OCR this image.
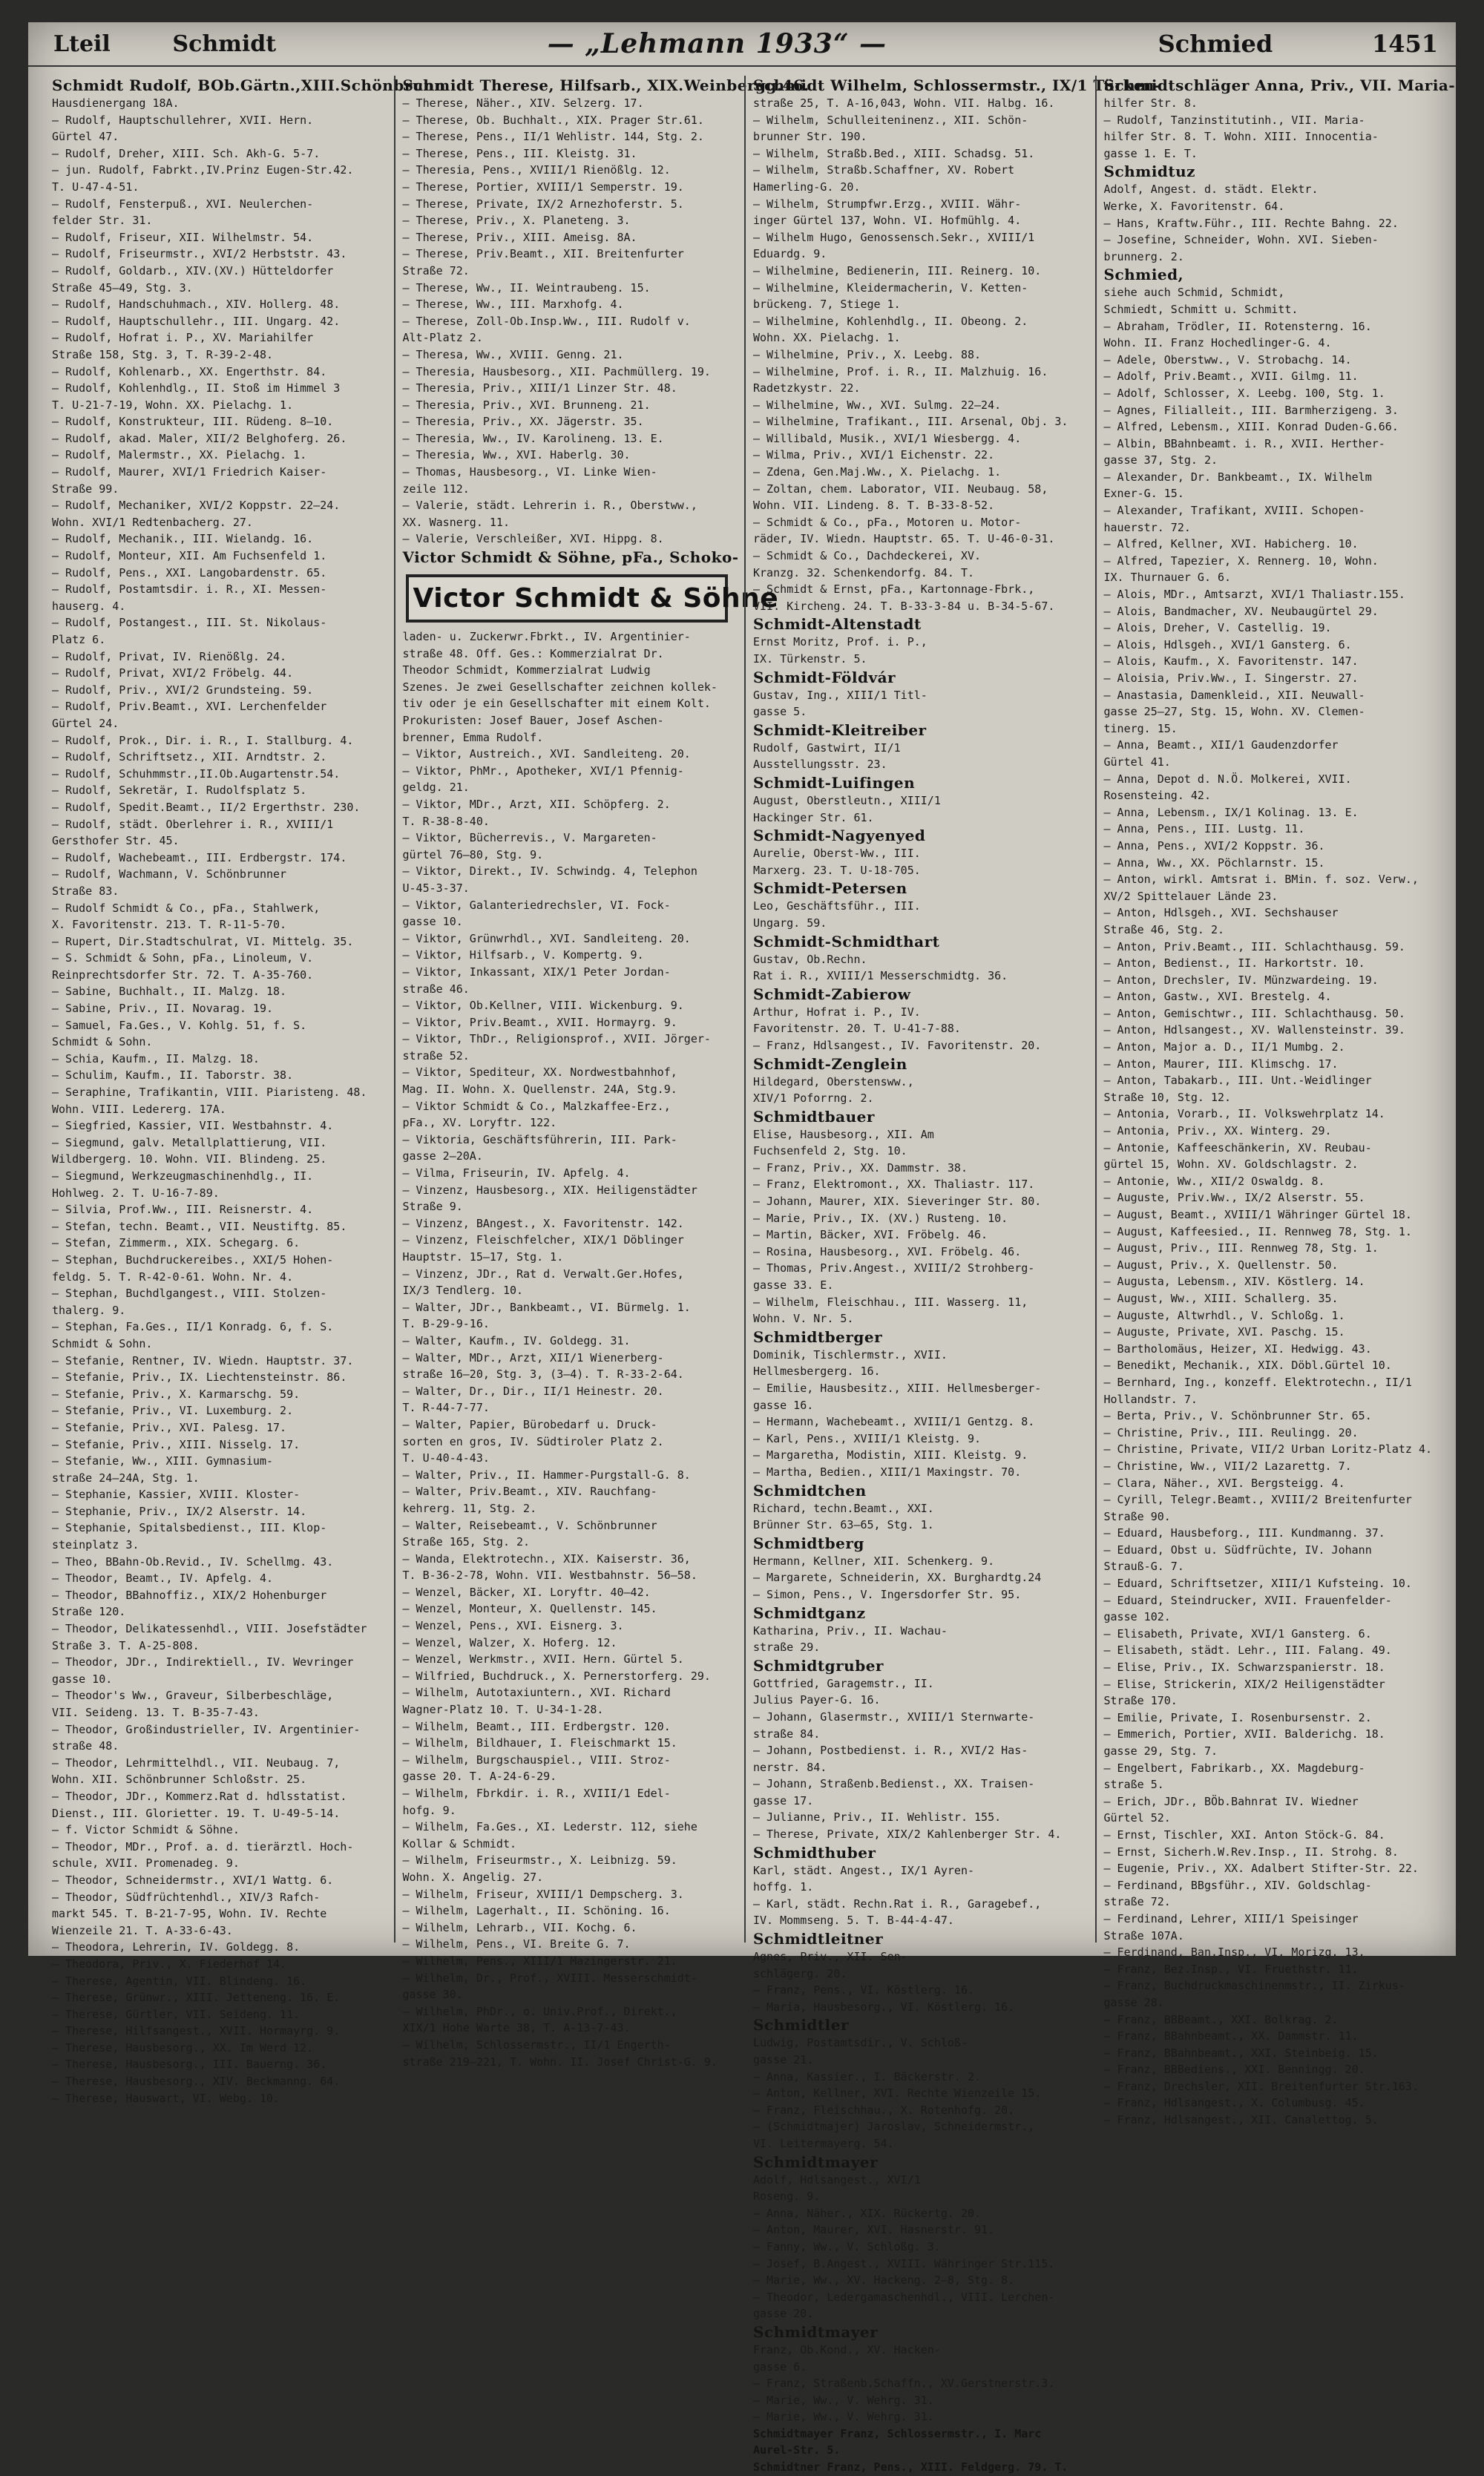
Lteil	Schmidt	— „Lehmann 1933“ —	Schmied	1451
Schmidt Rudolf, BOb.Gärtn.,XIII.Schönbrunn
Hausdienergang 18A.
— Rudolf, Hauptschullehrer, XVII. Hern.
Gürtel 47.
— Rudolf, Dreher, XIII. Sch. Akh-G. 5-7.
— jun. Rudolf, Fabrkt.,IV.Prinz Eugen-Str.42.
T. U-47-4-51.
— Rudolf, Fensterpuß., XVI. Neulerchen-
felder Str. 31.
— Rudolf, Friseur, XII. Wilhelmstr. 54.
— Rudolf, Friseurmstr., XVI/2 Herbststr. 43.
— Rudolf, Goldarb., XIV.(XV.) Hütteldorfer
Straße 45–49, Stg. 3.
— Rudolf, Handschuhmach., XIV. Hollerg. 48.
— Rudolf, Hauptschullehr., III. Ungarg. 42.
— Rudolf, Hofrat i. P., XV. Mariahilfer
Straße 158, Stg. 3, T. R-39-2-48.
— Rudolf, Kohlenarb., XX. Engerthstr. 84.
— Rudolf, Kohlenhdlg., II. Stoß im Himmel 3
T. U-21-7-19, Wohn. XX. Pielachg. 1.
— Rudolf, Konstrukteur, III. Rüdeng. 8–10.
— Rudolf, akad. Maler, XII/2 Belghoferg. 26.
— Rudolf, Malermstr., XX. Pielachg. 1.
— Rudolf, Maurer, XVI/1 Friedrich Kaiser-
Straße 99.
— Rudolf, Mechaniker, XVI/2 Koppstr. 22–24.
Wohn. XVI/1 Redtenbacherg. 27.
— Rudolf, Mechanik., III. Wielandg. 16.
— Rudolf, Monteur, XII. Am Fuchsenfeld 1.
— Rudolf, Pens., XXI. Langobardenstr. 65.
— Rudolf, Postamtsdir. i. R., XI. Messen-
hauserg. 4.
— Rudolf, Postangest., III. St. Nikolaus-
Platz 6.
— Rudolf, Privat, IV. Rienößlg. 24.
— Rudolf, Privat, XVI/2 Fröbelg. 44.
— Rudolf, Priv., XVI/2 Grundsteing. 59.
— Rudolf, Priv.Beamt., XVI. Lerchenfelder
Gürtel 24.
— Rudolf, Prok., Dir. i. R., I. Stallburg. 4.
— Rudolf, Schriftsetz., XII. Arndtstr. 2.
— Rudolf, Schuhmmstr.,II.Ob.Augartenstr.54.
— Rudolf, Sekretär, I. Rudolfsplatz 5.
— Rudolf, Spedit.Beamt., II/2 Ergerthstr. 230.
— Rudolf, städt. Oberlehrer i. R., XVIII/1
Gersthofer Str. 45.
— Rudolf, Wachebeamt., III. Erdbergstr. 174.
— Rudolf, Wachmann, V. Schönbrunner
Straße 83.
— Rudolf Schmidt & Co., pFa., Stahlwerk,
X. Favoritenstr. 213. T. R-11-5-70.
— Rupert, Dir.Stadtschulrat, VI. Mittelg. 35.
— S. Schmidt & Sohn, pFa., Linoleum, V.
Reinprechtsdorfer Str. 72. T. A-35-760.
— Sabine, Buchhalt., II. Malzg. 18.
— Sabine, Priv., II. Novarag. 19.
— Samuel, Fa.Ges., V. Kohlg. 51, f. S.
Schmidt & Sohn.
— Schia, Kaufm., II. Malzg. 18.
— Schulim, Kaufm., II. Taborstr. 38.
— Seraphine, Trafikantin, VIII. Piaristeng. 48.
Wohn. VIII. Ledererg. 17A.
— Siegfried, Kassier, VII. Westbahnstr. 4.
— Siegmund, galv. Metallplattierung, VII.
Wildbergerg. 10. Wohn. VII. Blindeng. 25.
— Siegmund, Werkzeugmaschinenhdlg., II.
Hohlweg. 2. T. U-16-7-89.
— Silvia, Prof.Ww., III. Reisnerstr. 4.
— Stefan, techn. Beamt., VII. Neustiftg. 85.
— Stefan, Zimmerm., XIX. Schegarg. 6.
— Stephan, Buchdruckereibes., XXI/5 Hohen-
feldg. 5. T. R-42-0-61. Wohn. Nr. 4.
— Stephan, Buchdlgangest., VIII. Stolzen-
thalerg. 9.
— Stephan, Fa.Ges., II/1 Konradg. 6, f. S.
Schmidt & Sohn.
— Stefanie, Rentner, IV. Wiedn. Hauptstr. 37.
— Stefanie, Priv., IX. Liechtensteinstr. 86.
— Stefanie, Priv., X. Karmarschg. 59.
— Stefanie, Priv., VI. Luxemburg. 2.
— Stefanie, Priv., XVI. Palesg. 17.
— Stefanie, Priv., XIII. Nisselg. 17.
— Stefanie, Ww., XIII. Gymnasium-
straße 24–24A, Stg. 1.
— Stephanie, Kassier, XVIII. Kloster-
— Stephanie, Priv., IX/2 Alserstr. 14.
— Stephanie, Spitalsbedienst., III. Klop-
steinplatz 3.
— Theo, BBahn-Ob.Revid., IV. Schellmg. 43.
— Theodor, Beamt., IV. Apfelg. 4.
— Theodor, BBahnoffiz., XIX/2 Hohenburger
Straße 120.
— Theodor, Delikatessenhdl., VIII. Josefstädter
Straße 3. T. A-25-808.
— Theodor, JDr., Indirektiell., IV. Wevringer
gasse 10.
— Theodor's Ww., Graveur, Silberbeschläge,
VII. Seideng. 13. T. B-35-7-43.
— Theodor, Großindustrieller, IV. Argentinier-
straße 48.
— Theodor, Lehrmittelhdl., VII. Neubaug. 7,
Wohn. XII. Schönbrunner Schloßstr. 25.
— Theodor, JDr., Kommerz.Rat d. hdlsstatist.
Dienst., III. Gloriettег. 19. T. U-49-5-14.
— f. Victor Schmidt & Söhne.
— Theodor, MDr., Prof. a. d. tierärztl. Hoch-
schule, XVII. Promenadeg. 9.
— Theodor, Schneidermstr., XVI/1 Wattg. 6.
— Theodor, Südfrüchtenhdl., XIV/3 Rafch-
markt 545. T. B-21-7-95, Wohn. IV. Rechte
Wienzeile 21. T. A-33-6-43.
— Theodora, Lehrerin, IV. Goldegg. 8.
— Theodora, Priv., X. Fiederhof 14.
— Therese, Agentin, VII. Blindeng. 16.
— Therese, Grünwr., XIII. Jetteneng. 16. E.
— Therese, Gürtler, VII. Seideng. 11.
— Therese, Hilfsangest., XVII. Hormayrg. 9.
— Therese, Hausbesorg., XX. Im Werd 12.
— Therese, Hausbesorg., III. Bauerng. 36.
— Therese, Hausbesorg., XIV. Beckmanng. 64.
— Therese, Hauswart, VI. Webg. 10.
Schmidt Therese, Hilfsarb., XIX.Weinbergg.46.
— Therese, Näher., XIV. Selzerg. 17.
— Therese, Ob. Buchhalt., XIX. Prager Str.61.
— Therese, Pens., II/1 Wehlistr. 144, Stg. 2.
— Therese, Pens., III. Kleistg. 31.
— Theresia, Pens., XVIII/1 Rienößlg. 12.
— Therese, Portier, XVIII/1 Semperstr. 19.
— Therese, Private, IX/2 Arnezhoferstr. 5.
— Therese, Priv., X. Planeteng. 3.
— Therese, Priv., XIII. Ameisg. 8A.
— Therese, Priv.Beamt., XII. Breitenfurter
Straße 72.
— Therese, Ww., II. Weintraubeng. 15.
— Therese, Ww., III. Marxhofg. 4.
— Therese, Zoll-Ob.Insp.Ww., III. Rudolf v.
Alt-Platz 2.
— Theresa, Ww., XVIII. Genng. 21.
— Theresia, Hausbesorg., XII. Pachmüllerg. 19.
— Theresia, Priv., XIII/1 Linzer Str. 48.
— Theresia, Priv., XVI. Brunneng. 21.
— Theresia, Priv., XX. Jägerstr. 35.
— Theresia, Ww., IV. Karolineng. 13. E.
— Theresia, Ww., XVI. Haberlg. 30.
— Thomas, Hausbesorg., VI. Linke Wien-
zeile 112.
— Valerie, städt. Lehrerin i. R., Oberstww.,
XX. Wasnerg. 11.
— Valerie, Verschleißer, XVI. Hippg. 8.
Victor Schmidt & Söhne, pFa., Schoko-
Victor Schmidt & Söhne
laden- u. Zuckerwr.Fbrkt., IV. Argentinier-
straße 48. Off. Ges.: Kommerzialrat Dr.
Theodor Schmidt, Kommerzialrat Ludwig
Szenes. Je zwei Gesellschafter zeichnen kollek-
tiv oder je ein Gesellschafter mit einem Kolt.
Prokuristen: Josef Bauer, Josef Aschen-
brenner, Emma Rudolf.
— Viktor, Austreich., XVI. Sandleiteng. 20.
— Viktor, PhMr., Apotheker, XVI/1 Pfennig-
geldg. 21.
— Viktor, MDr., Arzt, XII. Schöpferg. 2.
T. R-38-8-40.
— Viktor, Bücherrevis., V. Margareten-
gürtel 76–80, Stg. 9.
— Viktor, Direkt., IV. Schwindg. 4, Telephon
U-45-3-37.
— Viktor, Galanteriedrechsler, VI. Fock-
gasse 10.
— Viktor, Grünwrhdl., XVI. Sandleiteng. 20.
— Viktor, Hilfsarb., V. Kompertg. 9.
— Viktor, Inkassant, XIX/1 Peter Jordan-
straße 46.
— Viktor, Ob.Kellner, VIII. Wickenburg. 9.
— Viktor, Priv.Beamt., XVII. Hormayrg. 9.
— Viktor, ThDr., Religionsprof., XVII. Jörger-
straße 52.
— Viktor, Spediteur, XX. Nordwestbahnhof,
Mag. II. Wohn. X. Quellenstr. 24A, Stg.9.
— Viktor Schmidt & Co., Malzkaffee-Erz.,
pFa., XV. Loryftr. 122.
— Viktoria, Geschäftsführerin, III. Park-
gasse 2–20A.
— Vilma, Friseurin, IV. Apfelg. 4.
— Vinzenz, Hausbesorg., XIX. Heiligenstädter
Straße 9.
— Vinzenz, BAngest., X. Favoritenstr. 142.
— Vinzenz, Fleischfelcher, XIX/1 Döblinger
Hauptstr. 15–17, Stg. 1.
— Vinzenz, JDr., Rat d. Verwalt.Ger.Hofes,
IX/3 Tendlerg. 10.
— Walter, JDr., Bankbeamt., VI. Bürmelg. 1.
T. B-29-9-16.
— Walter, Kaufm., IV. Goldegg. 31.
— Walter, MDr., Arzt, XII/1 Wienerberg-
straße 16–20, Stg. 3, (3–4). T. R-33-2-64.
— Walter, Dr., Dir., II/1 Heinestr. 20.
T. R-44-7-77.
— Walter, Papier, Bürobedarf u. Druck-
sorten en gros, IV. Südtiroler Platz 2.
T. U-40-4-43.
— Walter, Priv., II. Hammer-Purgstall-G. 8.
— Walter, Priv.Beamt., XIV. Rauchfang-
kehrerg. 11, Stg. 2.
— Walter, Reisebeamt., V. Schönbrunner
Straße 165, Stg. 2.
— Wanda, Elektrotechn., XIX. Kaiserstr. 36,
T. B-36-2-78, Wohn. VII. Westbahnstr. 56–58.
— Wenzel, Bäcker, XI. Loryftr. 40–42.
— Wenzel, Monteur, X. Quellenstr. 145.
— Wenzel, Pens., XVI. Eisnerg. 3.
— Wenzel, Walzer, X. Hoferg. 12.
— Wenzel, Werkmstr., XVII. Hern. Gürtel 5.
— Wilfried, Buchdruck., X. Pernerstorferg. 29.
— Wilhelm, Autotaxiuntern., XVI. Richard
Wagner-Platz 10. T. U-34-1-28.
— Wilhelm, Beamt., III. Erdbergstr. 120.
— Wilhelm, Bildhauer, I. Fleischmarkt 15.
— Wilhelm, Burgschauspiel., VIII. Stroz-
gasse 20. T. A-24-6-29.
— Wilhelm, Fbrkdir. i. R., XVIII/1 Edel-
hofg. 9.
— Wilhelm, Fa.Ges., XI. Lederstr. 112, siehe
Kollar & Schmidt.
— Wilhelm, Friseurmstr., X. Leibnizg. 59.
Wohn. X. Angelig. 27.
— Wilhelm, Friseur, XVIII/1 Dempscherg. 3.
— Wilhelm, Lagerhalt., II. Schöning. 16.
— Wilhelm, Lehrarb., VII. Kochg. 6.
— Wilhelm, Pens., VI. Breite G. 7.
— Wilhelm, Pens., XIII/1 Mazingerstr. 21.
— Wilhelm, Dr., Prof., XVIII. Messerschmidt-
gasse 30.
— Wilhelm, PhDr., o. Univ.Prof., Direkt.,
XIX/1 Hohe Warte 38, T. A-13-7-43.
— Wilhelm, Schlossermstr., II/1 Engerth-
straße 219–221, T. Wohn. II. Josef Christ-G. 9.
Schmidt Wilhelm, Schlossermstr., IX/1 Türken-
straße 25, T. A-16,043, Wohn. VII. Halbg. 16.
— Wilhelm, Schulleiteninenz., XII. Schön-
brunner Str. 190.
— Wilhelm, Straßb.Bed., XIII. Schadsg. 51.
— Wilhelm, Straßb.Schaffner, XV. Robert
Hamerling-G. 20.
— Wilhelm, Strumpfwr.Erzg., XVIII. Währ-
inger Gürtel 137, Wohn. VI. Hofmühlg. 4.
— Wilhelm Hugo, Genossensch.Sekr., XVIII/1
Eduardg. 9.
— Wilhelmine, Bedienerin, III. Reinerg. 10.
— Wilhelmine, Kleidermacherin, V. Ketten-
brückeng. 7, Stiege 1.
— Wilhelmine, Kohlenhdlg., II. Obeong. 2.
Wohn. XX. Pielachg. 1.
— Wilhelmine, Priv., X. Leebg. 88.
— Wilhelmine, Prof. i. R., II. Malzhuig. 16.
Radetzkystr. 22.
— Wilhelmine, Ww., XVI. Sulmg. 22–24.
— Wilhelmine, Trafikant., III. Arsenal, Obj. 3.
— Willibald, Musik., XVI/1 Wiesbergg. 4.
— Wilma, Priv., XVI/1 Eichenstr. 22.
— Zdena, Gen.Maj.Ww., X. Pielachg. 1.
— Zoltan, chem. Laborator, VII. Neubaug. 58,
Wohn. VII. Lindeng. 8. T. B-33-8-52.
— Schmidt & Co., pFa., Motoren u. Motor-
räder, IV. Wiedn. Hauptstr. 65. T. U-46-0-31.
— Schmidt & Co., Dachdeckerei, XV.
Kranzg. 32. Schenkendorfg. 84. T.
— Schmidt & Ernst, pFa., Kartonnage-Fbrk.,
VII. Kircheng. 24. T. B-33-3-84 u. B-34-5-67.
Schmidt-Altenstadt
Ernst Moritz, Prof. i. P.,
IX. Türkenstr. 5.
Schmidt-Földvár
Gustav, Ing., XIII/1 Titl-
gasse 5.
Schmidt-Kleitreiber
Rudolf, Gastwirt, II/1
Ausstellungsstr. 23.
Schmidt-Luifingen
August, Oberstleutn., XIII/1
Hackinger Str. 61.
Schmidt-Nagyenyed
Aurelie, Oberst-Ww., III.
Marxerg. 23. T. U-18-705.
Schmidt-Petersen
Leo, Geschäftsführ., III.
Ungarg. 59.
Schmidt-Schmidthart
Gustav, Ob.Rechn.
Rat i. R., XVIII/1 Messerschmidtg. 36.
Schmidt-Zabierow
Arthur, Hofrat i. P., IV.
Favoritenstr. 20. T. U-41-7-88.
— Franz, Hdlsangest., IV. Favoritenstr. 20.
Schmidt-Zenglein
Hildegard, Oberstensww.,
XIV/1 Poforrng. 2.
Schmidtbauer
Elise, Hausbesorg., XII. Am
Fuchsenfeld 2, Stg. 10.
— Franz, Priv., XX. Dammstr. 38.
— Franz, Elektromont., XX. Thaliastr. 117.
— Johann, Maurer, XIX. Sieveringer Str. 80.
— Marie, Priv., IX. (XV.) Rusteng. 10.
— Martin, Bäcker, XVI. Fröbelg. 46.
— Rosina, Hausbesorg., XVI. Fröbelg. 46.
— Thomas, Priv.Angest., XVIII/2 Strohberg-
gasse 33. E.
— Wilhelm, Fleischhau., III. Wasserg. 11,
Wohn. V. Nr. 5.
Schmidtberger
Dominik, Tischlermstr., XVII.
Hellmesbergerg. 16.
— Emilie, Hausbesitz., XIII. Hellmesberger-
gasse 16.
— Hermann, Wachebeamt., XVIII/1 Gentzg. 8.
— Karl, Pens., XVIII/1 Kleistg. 9.
— Margaretha, Modistin, XIII. Kleistg. 9.
— Martha, Bedien., XIII/1 Maxingstr. 70.
Schmidtchen
Richard, techn.Beamt., XXI.
Brünner Str. 63–65, Stg. 1.
Schmidtberg
Hermann, Kellner, XII. Schenkerg. 9.
— Margarete, Schneiderin, XX. Burghardtg.24
— Simon, Pens., V. Ingersdorfer Str. 95.
Schmidtganz
Katharina, Priv., II. Wachau-
straße 29.
Schmidtgruber
Gottfried, Garagemstr., II.
Julius Payer-G. 16.
— Johann, Glasermstr., XVIII/1 Sternwarte-
straße 84.
— Johann, Postbedienst. i. R., XVI/2 Has-
nerstr. 84.
— Johann, Straßenb.Bedienst., XX. Traisen-
gasse 17.
— Julianne, Priv., II. Wehlistr. 155.
— Therese, Private, XIX/2 Kahlenberger Str. 4.
Schmidthuber
Karl, städt. Angest., IX/1 Ayren-
hoffg. 1.
— Karl, städt. Rechn.Rat i. R., Garagebef.,
IV. Mommseng. 5. T. B-44-4-47.
Schmidtleitner
Agnes, Priv., XII. Sen-
schlägerg. 20.
— Franz, Pens., VI. Köstlerg. 16.
— Maria, Hausbesorg., VI. Köstlerg. 16.
Schmidtler
Ludwig, Postamtsdir., V. Schloß-
gasse 21.
— Anna, Kassier., I. Bäckerstr. 2.
— Anton, Kellner, XVI. Rechte Wienzeile 15.
— Franz, Fleischhau., X. Rotenhofg. 20.
— (Schmidtmajer) Jaroslav, Schneidermstr.,
VI. Leitermayerg. 54.
Schmidtmayer
Adolf, Hdlsangest., XVI/1
Roseng. 9.
— Anna, Näher., XIX. Rückertg. 20.
— Anton, Maurer, XVI. Hasnerstr. 91.
— Fanny, Ww., V. Schloßg. 3.
— Josef, B.Angest., XVIII. Währinger Str.115.
— Marie, Ww., XV. Hackeng. 2–8, Stg. 8.
— Theodor, Ledergamaschenhdl., VIII. Lerchen-
gasse 20.
Schmidtmayer
Franz, Ob.Kond., XV. Hacken-
gasse 6.
— Franz, Straßenb.Schaffn., XV.Gerstnerstr.3.
— Marie, Ww., V. Wehrg. 31.
— Marie, Ww., V. Wehrg. 31.
Schmidtmayer Franz, Schlossermstr., I. Marc
Aurel-Str. 5.
Schmidtner Franz, Pens., XIII. Feldgerg. 79. T.
Schmidtschläger Anna, Priv., VII. Maria-
hilfer Str. 8.
— Rudolf, Tanzinstitutinh., VII. Maria-
hilfer Str. 8. T. Wohn. XIII. Innocentia-
gasse 1. E. T.
Schmidtuz
Adolf, Angest. d. städt. Elektr.
Werke, X. Favoritenstr. 64.
— Hans, Kraftw.Führ., III. Rechte Bahng. 22.
— Josefine, Schneider, Wohn. XVI. Sieben-
brunnerg. 2.
Schmied,
siehe auch Schmid, Schmidt,
Schmiedt, Schmitt u. Schmitt.
— Abraham, Trödler, II. Rotensterng. 16.
Wohn. II. Franz Hochedlinger-G. 4.
— Adele, Oberstww., V. Strobachg. 14.
— Adolf, Priv.Beamt., XVII. Gilmg. 11.
— Adolf, Schlosser, X. Leebg. 100, Stg. 1.
— Agnes, Filialleit., III. Barmherzigeng. 3.
— Alfred, Lebensm., XIII. Konrad Duden-G.66.
— Albin, BBahnbeamt. i. R., XVII. Herther-
gasse 37, Stg. 2.
— Alexander, Dr. Bankbeamt., IX. Wilhelm
Exner-G. 15.
— Alexander, Trafikant, XVIII. Schopen-
hauerstr. 72.
— Alfred, Kellner, XVI. Habicherg. 10.
— Alfred, Tapezier, X. Rennerg. 10, Wohn.
IX. Thurnauer G. 6.
— Alois, MDr., Amtsarzt, XVI/1 Thaliastr.155.
— Alois, Bandmacher, XV. Neubaugürtel 29.
— Alois, Dreher, V. Castellig. 19.
— Alois, Hdlsgeh., XVI/1 Gansterg. 6.
— Alois, Kaufm., X. Favoritenstr. 147.
— Aloisia, Priv.Ww., I. Singerstr. 27.
— Anastasia, Damenkleid., XII. Neuwall-
gasse 25–27, Stg. 15, Wohn. XV. Clemen-
tinerg. 15.
— Anna, Beamt., XII/1 Gaudenzdorfer
Gürtel 41.
— Anna, Depot d. N.Ö. Molkerei, XVII.
Rosensteing. 42.
— Anna, Lebensm., IX/1 Kolinag. 13. E.
— Anna, Pens., III. Lustg. 11.
— Anna, Pens., XVI/2 Koppstr. 36.
— Anna, Ww., XX. Pöchlarnstr. 15.
— Anton, wirkl. Amtsrat i. BMin. f. soz. Verw.,
XV/2 Spittelauer Lände 23.
— Anton, Hdlsgeh., XVI. Sechshauser
Straße 46, Stg. 2.
— Anton, Priv.Beamt., III. Schlachthausg. 59.
— Anton, Bedienst., II. Harkortstr. 10.
— Anton, Drechsler, IV. Münzwardeing. 19.
— Anton, Gastw., XVI. Brestelg. 4.
— Anton, Gemischtwr., III. Schlachthausg. 50.
— Anton, Hdlsangest., XV. Wallensteinstr. 39.
— Anton, Major a. D., II/1 Mumbg. 2.
— Anton, Maurer, III. Klimschg. 17.
— Anton, Tabakarb., III. Unt.-Weidlinger
Straße 10, Stg. 12.
— Antonia, Vorarb., II. Volkswehrplatz 14.
— Antonia, Priv., XX. Winterg. 29.
— Antonie, Kaffeeschänkerin, XV. Reubau-
gürtel 15, Wohn. XV. Goldschlagstr. 2.
— Antonie, Ww., XII/2 Oswaldg. 8.
— Auguste, Priv.Ww., IX/2 Alserstr. 55.
— August, Beamt., XVIII/1 Währinger Gürtel 18.
— August, Kaffeesied., II. Rennweg 78, Stg. 1.
— August, Priv., III. Rennweg 78, Stg. 1.
— August, Priv., X. Quellenstr. 50.
— Augusta, Lebensm., XIV. Köstlerg. 14.
— August, Ww., XIII. Schallerg. 35.
— Auguste, Altwrhdl., V. Schloßg. 1.
— Auguste, Private, XVI. Paschg. 15.
— Bartholomäus, Heizer, XI. Hedwigg. 43.
— Benedikt, Mechanik., XIX. Döbl.Gürtel 10.
— Bernhard, Ing., konzeff. Elektrotechn., II/1
Hollandstr. 7.
— Berta, Priv., V. Schönbrunner Str. 65.
— Christine, Priv., III. Reulingg. 20.
— Christine, Private, VII/2 Urban Loritz-Platz 4.
— Christine, Ww., VII/2 Lazarettg. 7.
— Clara, Näher., XVI. Bergsteigg. 4.
— Cyrill, Telegr.Beamt., XVIII/2 Breitenfurter
Straße 90.
— Eduard, Hausbeforg., III. Kundmanng. 37.
— Eduard, Obst u. Südfrüchte, IV. Johann
Strauß-G. 7.
— Eduard, Schriftsetzer, XIII/1 Kufsteing. 10.
— Eduard, Steindrucker, XVII. Frauenfelder-
gasse 102.
— Elisabeth, Private, XVI/1 Gansterg. 6.
— Elisabeth, städt. Lehr., III. Falang. 49.
— Elise, Priv., IX. Schwarzspanierstr. 18.
— Elise, Strickerin, XIX/2 Heiligenstädter
Straße 170.
— Emilie, Private, I. Rosenbursenstr. 2.
— Emmerich, Portier, XVII. Balderichg. 18.
gasse 29, Stg. 7.
— Engelbert, Fabrikarb., XX. Magdeburg-
straße 5.
— Erich, JDr., BÖb.Bahnrat IV. Wiedner
Gürtel 52.
— Ernst, Tischler, XXI. Anton Stöck-G. 84.
— Ernst, Sicherh.W.Rev.Insp., II. Strohg. 8.
— Eugenie, Priv., XX. Adalbert Stifter-Str. 22.
— Ferdinand, BBgsführ., XIV. Goldschlag-
straße 72.
— Ferdinand, Lehrer, XIII/1 Speisinger
Straße 107A.
— Ferdinand, Ban.Insp., VI. Morizg. 13.
— Franz, Bez.Insp., VI. Fruethstr. 11.
— Franz, Buchdruckmaschinenmstr., II. Zirkus-
gasse 28.
— Franz, BBBeamt., XXI. Bolkrag. 2.
— Franz, BBahnbeamt., XX. Dammstr. 11.
— Franz, BBahnbeamt., XXI. Steinbeig. 15.
— Franz, BBBediens., XXI. Benningg. 20.
— Franz, Drechsler, XII. Breitenfurter Str.163.
— Franz, Hdlsangest., X. Columbusg. 45.
— Franz, Hdlsangest., XII. Canalettog. 5.
